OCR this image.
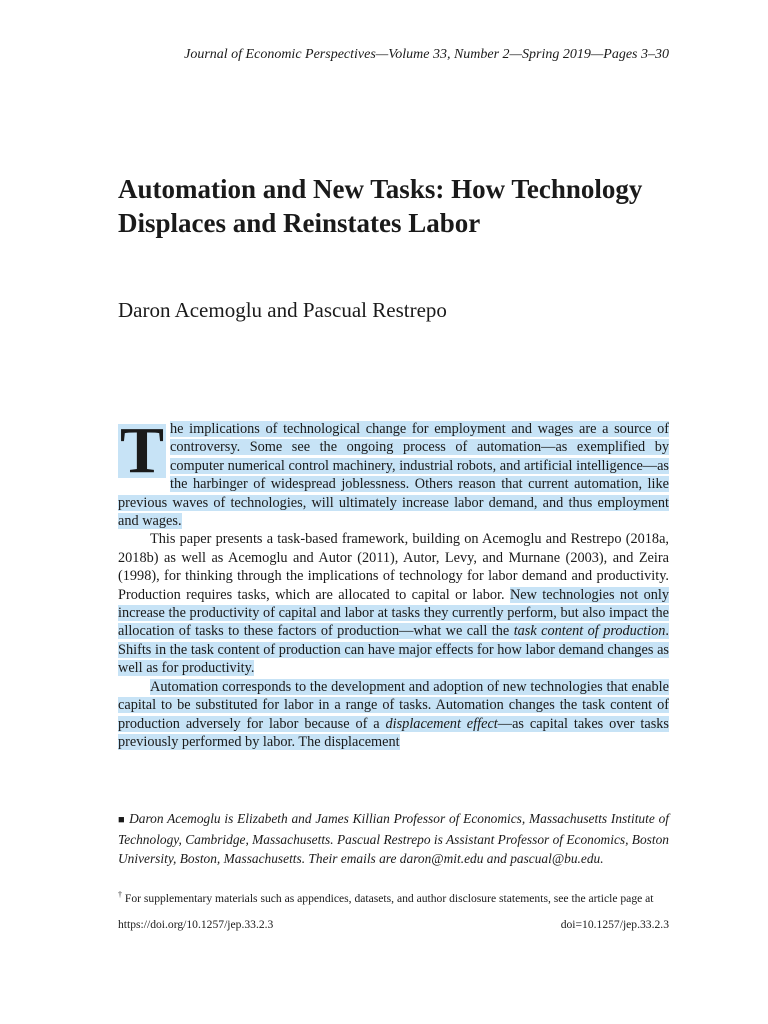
Journal of Economic Perspectives—Volume 33, Number 2—Spring 2019—Pages 3–30
Automation and New Tasks: How Technology Displaces and Reinstates Labor
Daron Acemoglu and Pascual Restrepo

T he implications of technological change for employment and wages are a source of controversy. Some see the ongoing process of automation—as exemplified by computer numerical control machinery, industrial robots, and artificial intelligence—as the harbinger of widespread joblessness. Others reason that current automation, like previous waves of technologies, will ultimately increase labor demand, and thus employment and wages.

This paper presents a task-based framework, building on Acemoglu and Restrepo (2018a, 2018b) as well as Acemoglu and Autor (2011), Autor, Levy, and Murnane (2003), and Zeira (1998), for thinking through the implications of technology for labor demand and productivity. Production requires tasks, which are allocated to capital or labor. New technologies not only increase the productivity of capital and labor at tasks they currently perform, but also impact the allocation of tasks to these factors of production—what we call the task content of production. Shifts in the task content of production can have major effects for how labor demand changes as well as for productivity.

Automation corresponds to the development and adoption of new technologies that enable capital to be substituted for labor in a range of tasks. Automation changes the task content of production adversely for labor because of a displacement effect—as capital takes over tasks previously performed by labor. The displacement

■ Daron Acemoglu is Elizabeth and James Killian Professor of Economics, Massachusetts Institute of Technology, Cambridge, Massachusetts. Pascual Restrepo is Assistant Professor of Economics, Boston University, Boston, Massachusetts. Their emails are daron@mit.edu and pascual@bu.edu.
† For supplementary materials such as appendices, datasets, and author disclosure statements, see the article page at
https://doi.org/10.1257/jep.33.2.3	doi=10.1257/jep.33.2.3
